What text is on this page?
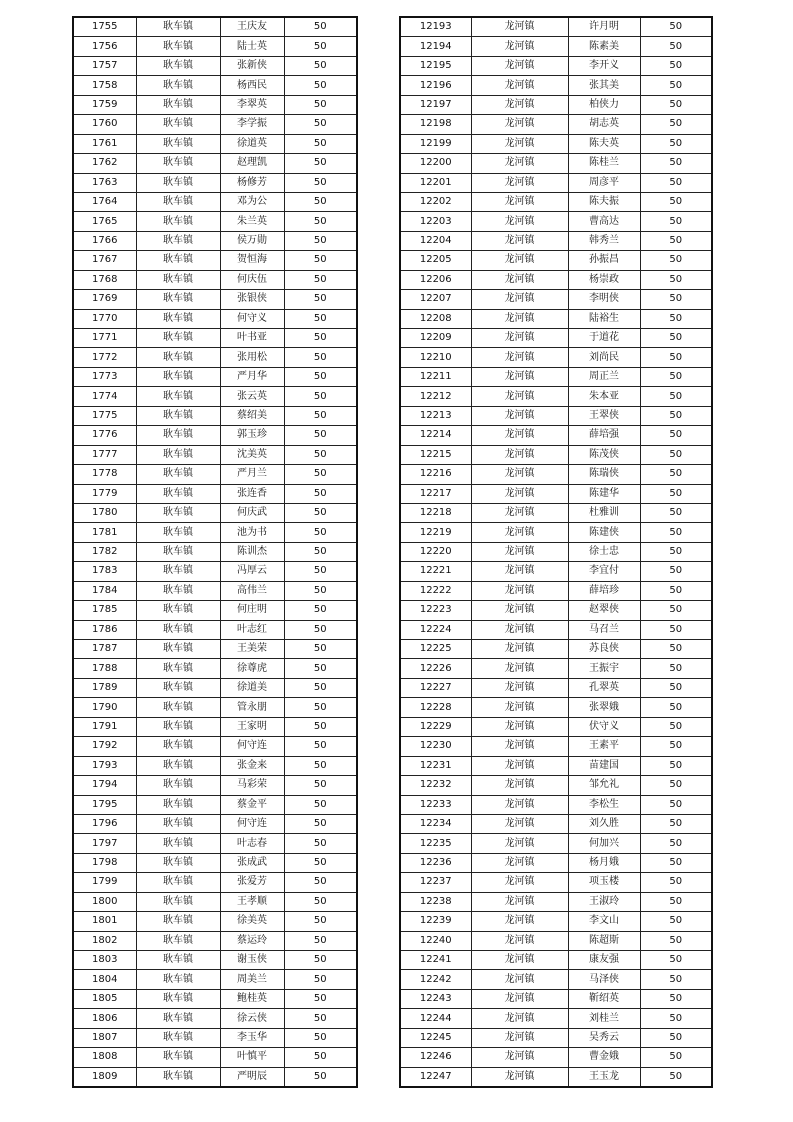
1755	耿车镇	王庆友	50
1756	耿车镇	陆士英	50
1757	耿车镇	张新侠	50
1758	耿车镇	杨西民	50
1759	耿车镇	李翠英	50
1760	耿车镇	李学振	50
1761	耿车镇	徐道英	50
1762	耿车镇	赵理凯	50
1763	耿车镇	杨修芳	50
1764	耿车镇	邓为公	50
1765	耿车镇	朱兰英	50
1766	耿车镇	侯万勋	50
1767	耿车镇	贺恒海	50
1768	耿车镇	何庆伍	50
1769	耿车镇	张银侠	50
1770	耿车镇	何守义	50
1771	耿车镇	叶书亚	50
1772	耿车镇	张用松	50
1773	耿车镇	严月华	50
1774	耿车镇	张云英	50
1775	耿车镇	蔡绍美	50
1776	耿车镇	郭玉珍	50
1777	耿车镇	沈美英	50
1778	耿车镇	严月兰	50
1779	耿车镇	张连香	50
1780	耿车镇	何庆武	50
1781	耿车镇	池为书	50
1782	耿车镇	陈训杰	50
1783	耿车镇	冯厚云	50
1784	耿车镇	高伟兰	50
1785	耿车镇	何庄明	50
1786	耿车镇	叶志红	50
1787	耿车镇	王美荣	50
1788	耿车镇	徐尊虎	50
1789	耿车镇	徐道美	50
1790	耿车镇	管永朋	50
1791	耿车镇	王家明	50
1792	耿车镇	何守连	50
1793	耿车镇	张金来	50
1794	耿车镇	马彩荣	50
1795	耿车镇	蔡金平	50
1796	耿车镇	何守连	50
1797	耿车镇	叶志春	50
1798	耿车镇	张成武	50
1799	耿车镇	张爱芳	50
1800	耿车镇	王孝顺	50
1801	耿车镇	徐美英	50
1802	耿车镇	蔡运玲	50
1803	耿车镇	谢玉侠	50
1804	耿车镇	周美兰	50
1805	耿车镇	鲍桂英	50
1806	耿车镇	徐云侠	50
1807	耿车镇	李玉华	50
1808	耿车镇	叶慎平	50
1809	耿车镇	严明辰	50
12193	龙河镇	许月明	50
12194	龙河镇	陈素美	50
12195	龙河镇	李开义	50
12196	龙河镇	张其美	50
12197	龙河镇	柏侠力	50
12198	龙河镇	胡志英	50
12199	龙河镇	陈夫英	50
12200	龙河镇	陈桂兰	50
12201	龙河镇	周彦平	50
12202	龙河镇	陈夫振	50
12203	龙河镇	曹高达	50
12204	龙河镇	韩秀兰	50
12205	龙河镇	孙振昌	50
12206	龙河镇	杨崇政	50
12207	龙河镇	李明侠	50
12208	龙河镇	陆裕生	50
12209	龙河镇	于道花	50
12210	龙河镇	刘尚民	50
12211	龙河镇	周正兰	50
12212	龙河镇	朱本亚	50
12213	龙河镇	王翠侠	50
12214	龙河镇	薛培强	50
12215	龙河镇	陈茂侠	50
12216	龙河镇	陈瑞侠	50
12217	龙河镇	陈建华	50
12218	龙河镇	杜雅训	50
12219	龙河镇	陈建侠	50
12220	龙河镇	徐士忠	50
12221	龙河镇	李宜付	50
12222	龙河镇	薛培珍	50
12223	龙河镇	赵翠侠	50
12224	龙河镇	马召兰	50
12225	龙河镇	苏良侠	50
12226	龙河镇	王振宇	50
12227	龙河镇	孔翠英	50
12228	龙河镇	张翠娥	50
12229	龙河镇	伏守义	50
12230	龙河镇	王素平	50
12231	龙河镇	苗建国	50
12232	龙河镇	邹允礼	50
12233	龙河镇	李松生	50
12234	龙河镇	刘久胜	50
12235	龙河镇	何加兴	50
12236	龙河镇	杨月娥	50
12237	龙河镇	项玉楼	50
12238	龙河镇	王淑玲	50
12239	龙河镇	李文山	50
12240	龙河镇	陈超斯	50
12241	龙河镇	康友强	50
12242	龙河镇	马泽侠	50
12243	龙河镇	靳绍英	50
12244	龙河镇	刘桂兰	50
12245	龙河镇	吴秀云	50
12246	龙河镇	曹金娥	50
12247	龙河镇	王玉龙	50
